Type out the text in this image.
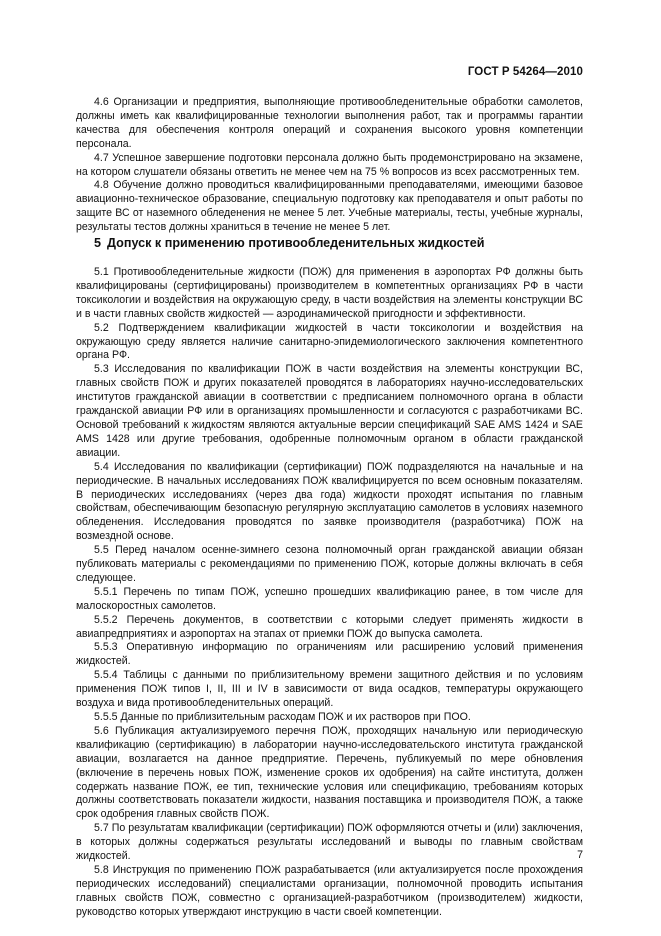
ГОСТ Р 54264—2010

4.6 Организации и предприятия, выполняющие противообледенительные обработки самолетов, должны иметь как квалифицированные технологии выполнения работ, так и программы гарантии качества для обеспечения контроля операций и сохранения высокого уровня компетенции персонала.

4.7 Успешное завершение подготовки персонала должно быть продемонстрировано на экзамене, на котором слушатели обязаны ответить не менее чем на 75 % вопросов из всех рассмотренных тем.

4.8 Обучение должно проводиться квалифицированными преподавателями, имеющими базовое авиационно-техническое образование, специальную подготовку как преподавателя и опыт работы по защите ВС от наземного обледенения не менее 5 лет. Учебные материалы, тесты, учебные журналы, результаты тестов должны храниться в течение не менее 5 лет.

5 Допуск к применению противообледенительных жидкостей

5.1 Противообледенительные жидкости (ПОЖ) для применения в аэропортах РФ должны быть квалифицированы (сертифицированы) производителем в компетентных организациях РФ в части токсикологии и воздействия на окружающую среду, в части воздействия на элементы конструкции ВС и в части главных свойств жидкостей — аэродинамической пригодности и эффективности.

5.2 Подтверждением квалификации жидкостей в части токсикологии и воздействия на окружающую среду является наличие санитарно-эпидемиологического заключения компетентного органа РФ.

5.3 Исследования по квалификации ПОЖ в части воздействия на элементы конструкции ВС, главных свойств ПОЖ и других показателей проводятся в лабораториях научно-исследовательских институтов гражданской авиации в соответствии с предписанием полномочного органа в области гражданской авиации РФ или в организациях промышленности и согласуются с разработчиками ВС. Основой требований к жидкостям являются актуальные версии спецификаций SAE AMS 1424 и SAE AMS 1428 или другие требования, одобренные полномочным органом в области гражданской авиации.

5.4 Исследования по квалификации (сертификации) ПОЖ подразделяются на начальные и на периодические. В начальных исследованиях ПОЖ квалифицируется по всем основным показателям. В периодических исследованиях (через два года) жидкости проходят испытания по главным свойствам, обеспечивающим безопасную регулярную эксплуатацию самолетов в условиях наземного обледенения. Исследования проводятся по заявке производителя (разработчика) ПОЖ на возмездной основе.

5.5 Перед началом осенне-зимнего сезона полномочный орган гражданской авиации обязан публиковать материалы с рекомендациями по применению ПОЖ, которые должны включать в себя следующее.

5.5.1 Перечень по типам ПОЖ, успешно прошедших квалификацию ранее, в том числе для малоскоростных самолетов.

5.5.2 Перечень документов, в соответствии с которыми следует применять жидкости в авиапредприятиях и аэропортах на этапах от приемки ПОЖ до выпуска самолета.

5.5.3 Оперативную информацию по ограничениям или расширению условий применения жидкостей.

5.5.4 Таблицы с данными по приблизительному времени защитного действия и по условиям применения ПОЖ типов I, II, III и IV в зависимости от вида осадков, температуры окружающего воздуха и вида противообледенительных операций.

5.5.5 Данные по приблизительным расходам ПОЖ и их растворов при ПОО.

5.6 Публикация актуализируемого перечня ПОЖ, проходящих начальную или периодическую квалификацию (сертификацию) в лаборатории научно-исследовательского института гражданской авиации, возлагается на данное предприятие. Перечень, публикуемый по мере обновления (включение в перечень новых ПОЖ, изменение сроков их одобрения) на сайте института, должен содержать название ПОЖ, ее тип, технические условия или спецификацию, требованиям которых должны соответствовать показатели жидкости, названия поставщика и производителя ПОЖ, а также срок одобрения главных свойств ПОЖ.

5.7 По результатам квалификации (сертификации) ПОЖ оформляются отчеты и (или) заключения, в которых должны содержаться результаты исследований и выводы по главным свойствам жидкостей.

5.8 Инструкция по применению ПОЖ разрабатывается (или актуализируется после прохождения периодических исследований) специалистами организации, полномочной проводить испытания главных свойств ПОЖ, совместно с организацией-разработчиком (производителем) жидкости, руководство которых утверждают инструкцию в части своей компетенции.

7
